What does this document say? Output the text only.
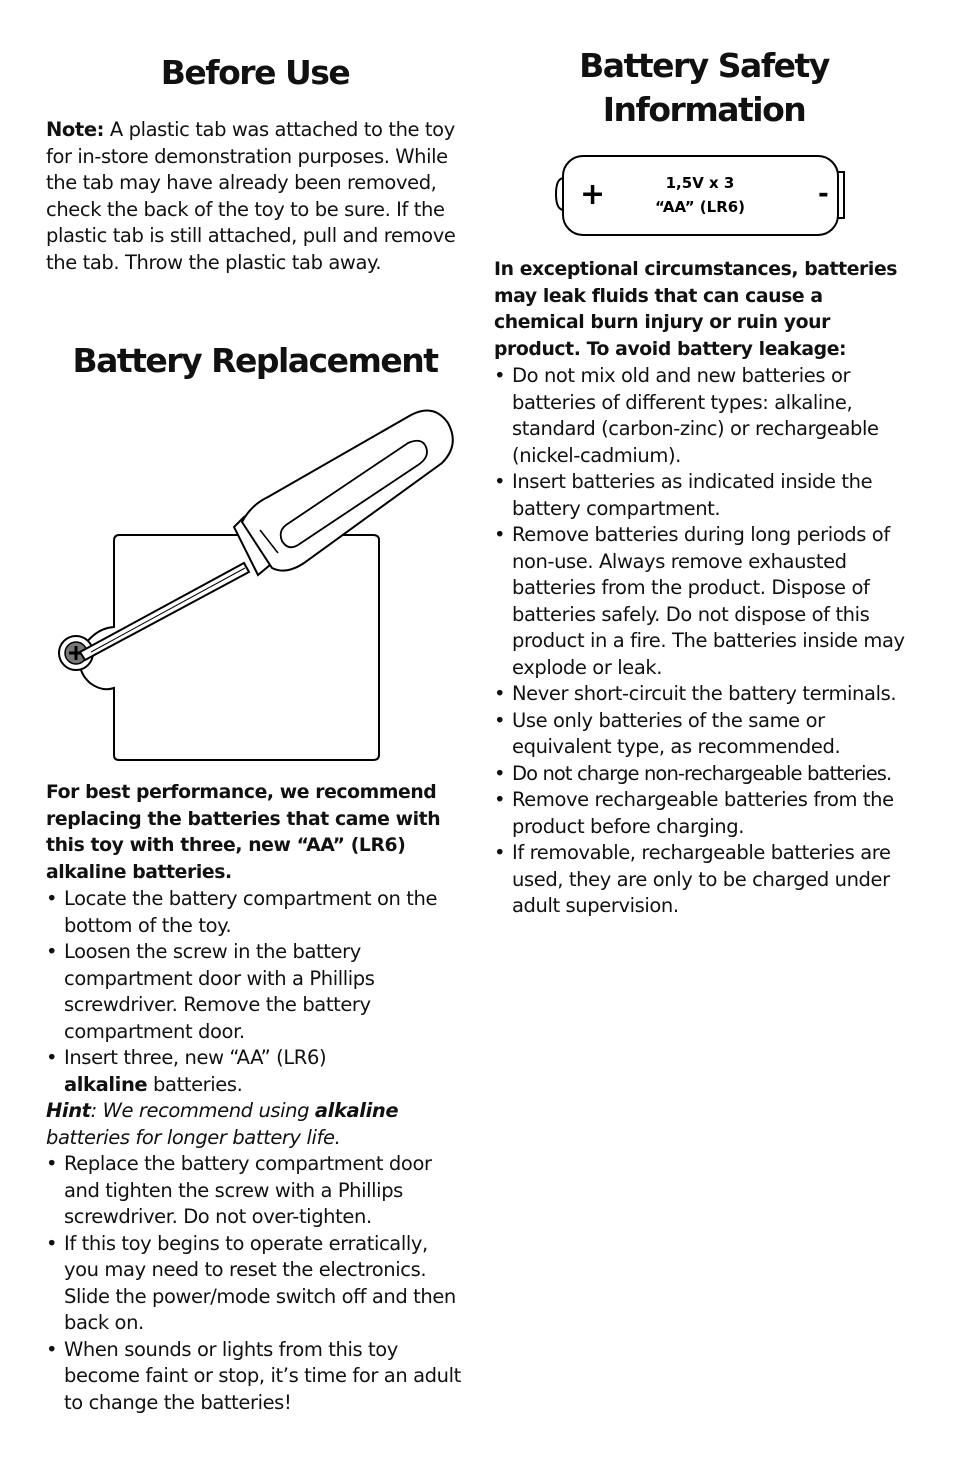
Before Use

Note: A plastic tab was attached to the toy for in-store demonstration purposes. While the tab may have already been removed, check the back of the toy to be sure. If the plastic tab is still attached, pull and remove the tab. Throw the plastic tab away.

Battery Replacement

For best performance, we recommend replacing the batteries that came with this toy with three, new “AA” (LR6) alkaline batteries.

• Locate the battery compartment on the bottom of the toy.
• Loosen the screw in the battery compartment door with a Phillips screwdriver. Remove the battery compartment door.
• Insert three, new “AA” (LR6)
alkaline batteries.

Hint: We recommend using alkaline batteries for longer battery life.

• Replace the battery compartment door and tighten the screw with a Phillips screwdriver. Do not over-tighten.
• If this toy begins to operate erratically, you may need to reset the electronics. Slide the power/mode switch off and then back on.
• When sounds or lights from this toy become faint or stop, it’s time for an adult to change the batteries!
Battery Safety
Information
+	-
1,5V x 3
“AA” (LR6)

In exceptional circumstances, batteries may leak fluids that can cause a chemical burn injury or ruin your product. To avoid battery leakage:

• Do not mix old and new batteries or batteries of different types: alkaline, standard (carbon-zinc) or rechargeable (nickel-cadmium).
• Insert batteries as indicated inside the battery compartment.
• Remove batteries during long periods of non-use. Always remove exhausted batteries from the product. Dispose of batteries safely. Do not dispose of this product in a fire. The batteries inside may explode or leak.
• Never short-circuit the battery terminals.
• Use only batteries of the same or equivalent type, as recommended.
• Do not charge non-rechargeable batteries.
• Remove rechargeable batteries from the product before charging.
• If removable, rechargeable batteries are used, they are only to be charged under adult supervision.
